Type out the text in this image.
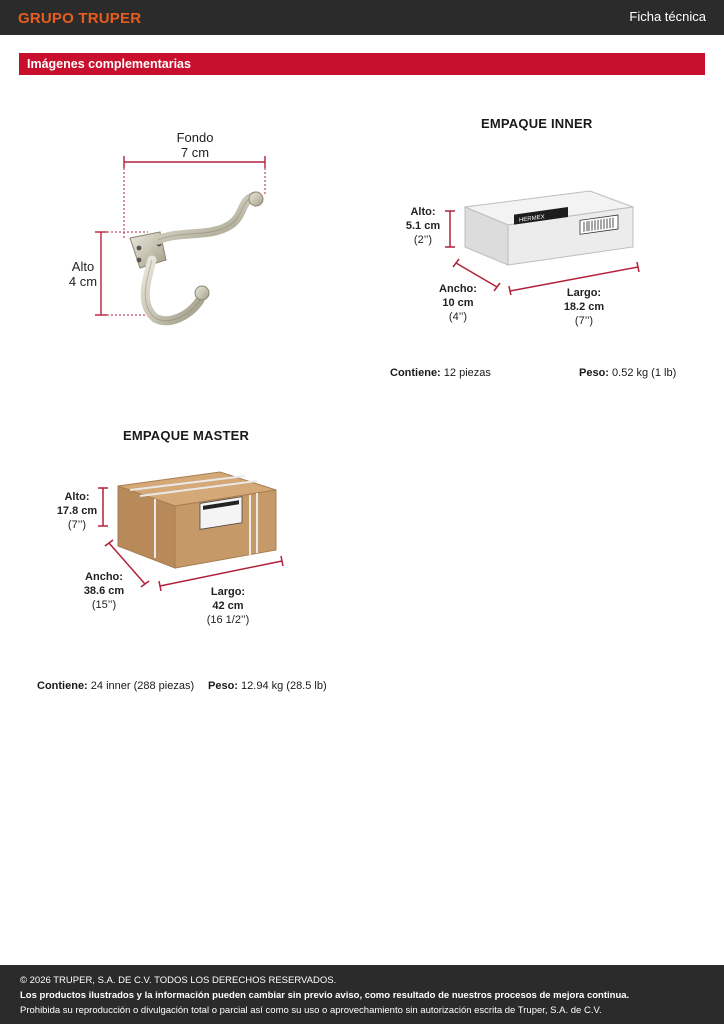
GRUPO TRUPER	Ficha técnica
Imágenes complementarias
Fondo
7 cm
Alto
4 cm
EMPAQUE INNER
HERMEX
Alto:
5.1 cm
(2’’)
Ancho:
10 cm
(4’’)
Largo:
18.2 cm
(7’’)
Contiene: 12 piezas	Peso: 0.52 kg (1 lb)
EMPAQUE MASTER
Alto:
17.8 cm
(7’’)
Ancho:
38.6 cm
(15’’)
Largo:
42 cm
(16 1/2’’)
Contiene: 24 inner (288 piezas) Peso: 12.94 kg (28.5 lb)
© 2026 TRUPER, S.A. DE C.V. TODOS LOS DERECHOS RESERVADOS.
Los productos ilustrados y la información pueden cambiar sin previo aviso, como resultado de nuestros procesos de mejora continua.
Prohibida su reproducción o divulgación total o parcial así como su uso o aprovechamiento sin autorización escrita de Truper, S.A. de C.V.
